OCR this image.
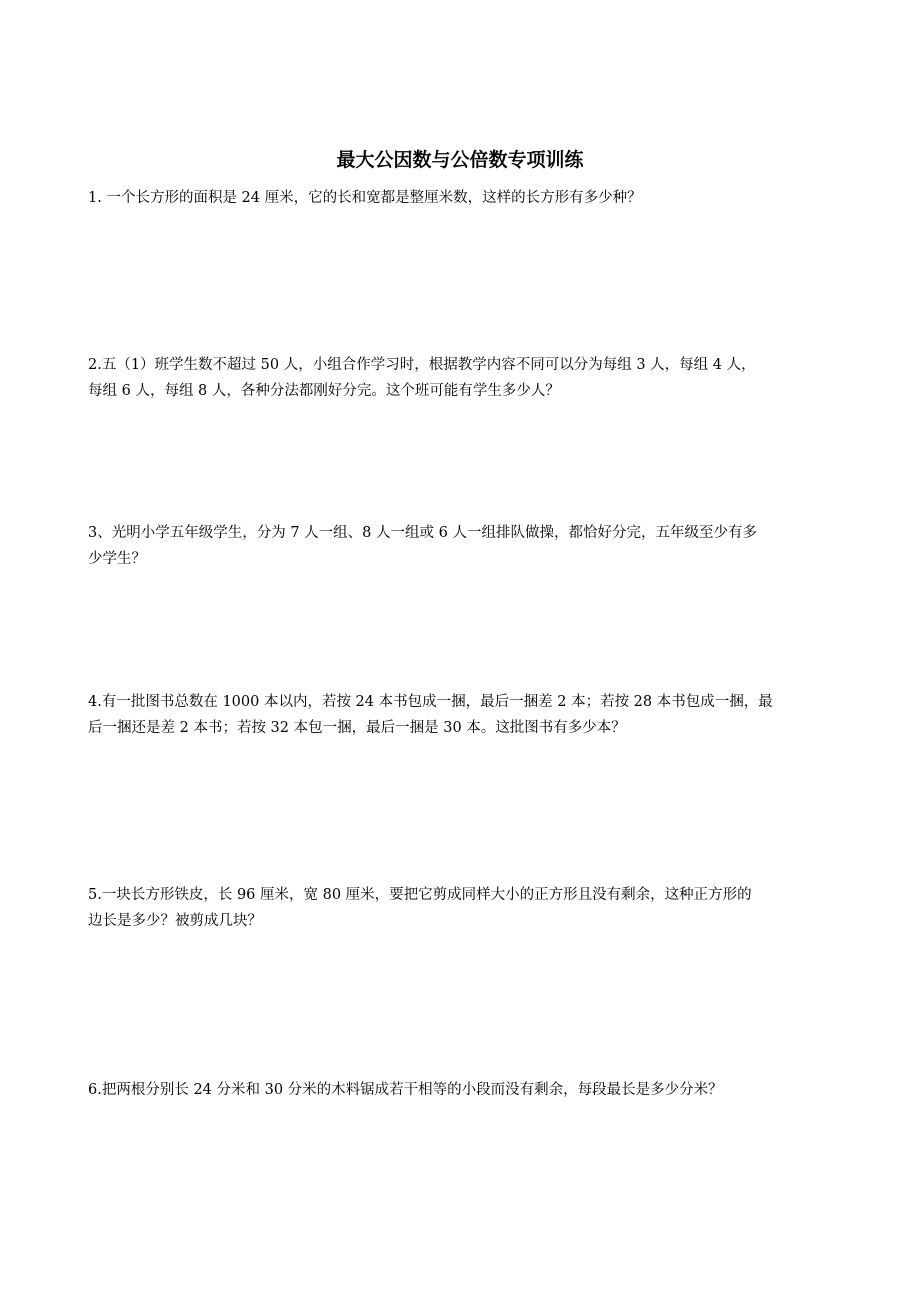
最大公因数与公倍数专项训练
1. 一个长方形的面积是 24 厘米，它的长和宽都是整厘米数，这样的长方形有多少种？
2.五（1）班学生数不超过 50 人，小组合作学习时，根据教学内容不同可以分为每组 3 人，每组 4 人，
每组 6 人，每组 8 人，各种分法都刚好分完。这个班可能有学生多少人？
3、光明小学五年级学生，分为 7 人一组、8 人一组或 6 人一组排队做操，都恰好分完，五年级至少有多
少学生？
4.有一批图书总数在 1000 本以内，若按 24 本书包成一捆，最后一捆差 2 本；若按 28 本书包成一捆，最
后一捆还是差 2 本书；若按 32 本包一捆，最后一捆是 30 本。这批图书有多少本？
5.一块长方形铁皮，长 96 厘米，宽 80 厘米，要把它剪成同样大小的正方形且没有剩余，这种正方形的
边长是多少？被剪成几块？
6.把两根分别长 24 分米和 30 分米的木料锯成若干相等的小段而没有剩余，每段最长是多少分米？
